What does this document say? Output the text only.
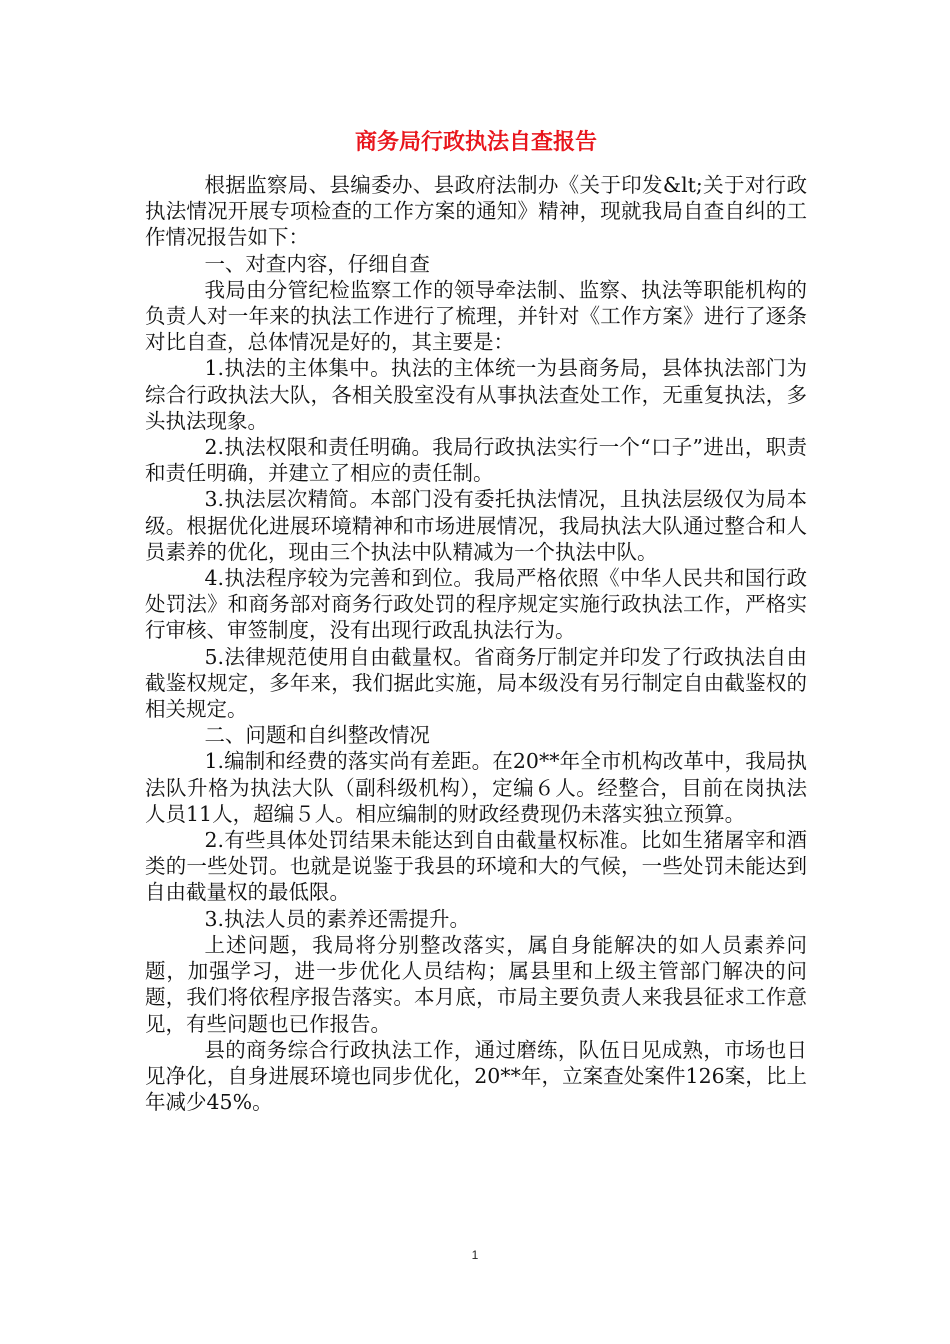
商务局行政执法自查报告

根据监察局、县编委办、县政府法制办《关于印发&lt;关于对行政执法情况开展专项检查的工作方案的通知》精神，现就我局自查自纠的工作情况报告如下：

一、对查内容，仔细自查

我局由分管纪检监察工作的领导牵法制、监察、执法等职能机构的负责人对一年来的执法工作进行了梳理，并针对《工作方案》进行了逐条对比自查，总体情况是好的，其主要是：

1.执法的主体集中。执法的主体统一为县商务局，县体执法部门为综合行政执法大队，各相关股室没有从事执法查处工作，无重复执法，多头执法现象。

2.执法权限和责任明确。我局行政执法实行一个“口子”进出，职责和责任明确，并建立了相应的责任制。

3.执法层次精简。本部门没有委托执法情况，且执法层级仅为局本级。根据优化进展环境精神和市场进展情况，我局执法大队通过整合和人员素养的优化，现由三个执法中队精减为一个执法中队。

4.执法程序较为完善和到位。我局严格依照《中华人民共和国行政处罚法》和商务部对商务行政处罚的程序规定实施行政执法工作，严格实行审核、审签制度，没有出现行政乱执法行为。

5.法律规范使用自由截量权。省商务厅制定并印发了行政执法自由截鉴权规定，多年来，我们据此实施，局本级没有另行制定自由截鉴权的相关规定。

二、问题和自纠整改情况

1.编制和经费的落实尚有差距。在20**年全市机构改革中，我局执法队升格为执法大队（副科级机构），定编６人。经整合，目前在岗执法人员11人，超编５人。相应编制的财政经费现仍未落实独立预算。

2.有些具体处罚结果未能达到自由截量权标准。比如生猪屠宰和酒类的一些处罚。也就是说鉴于我县的环境和大的气候，一些处罚未能达到自由截量权的最低限。

3.执法人员的素养还需提升。

上述问题，我局将分别整改落实，属自身能解决的如人员素养问题，加强学习，进一步优化人员结构；属县里和上级主管部门解决的问题，我们将依程序报告落实。本月底，市局主要负责人来我县征求工作意见，有些问题也已作报告。

县的商务综合行政执法工作，通过磨练，队伍日见成熟，市场也日见净化，自身进展环境也同步优化，20**年，立案查处案件126案，比上年减少45%。

1
